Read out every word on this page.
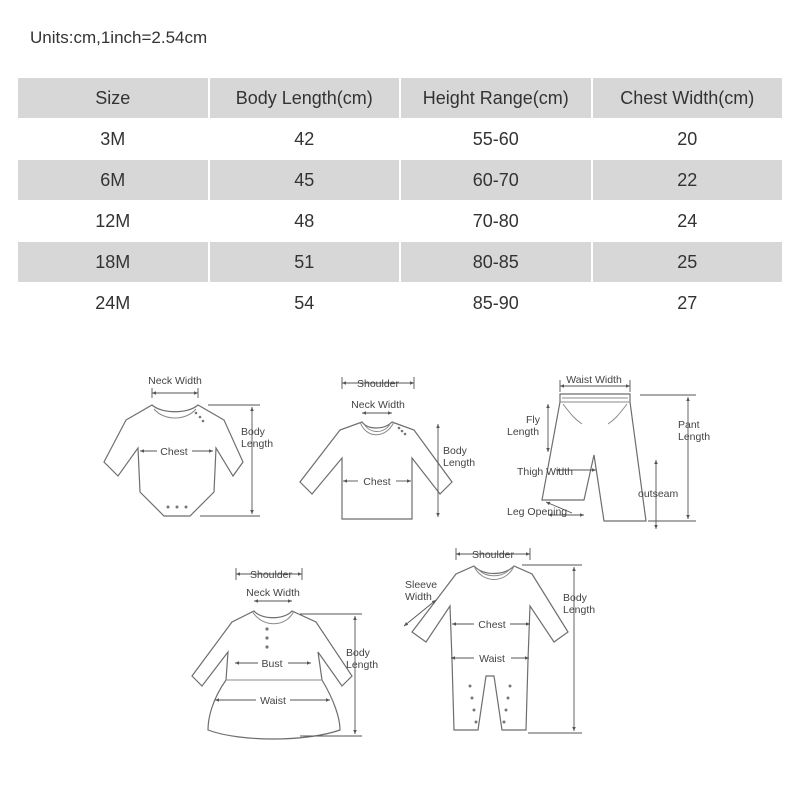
Units:cm,1inch=2.54cm
Size	Body Length(cm)	Height Range(cm)	Chest Width(cm)
3M	42	55-60	20
6M	45	60-70	22
12M	48	70-80	24
18M	51	80-85	25
24M	54	85-90	27
Neck Width
Chest
Body
Length
Shoulder
Neck Width
Chest
Body
Length
Waist Width
Fly
Length
Pant
Length
Thigh Width
outseam
Leg Opening
Shoulder
Neck Width
Bust
Waist
Body
Length
Shoulder
Sleeve
Width
Chest
Waist
Body
Length
